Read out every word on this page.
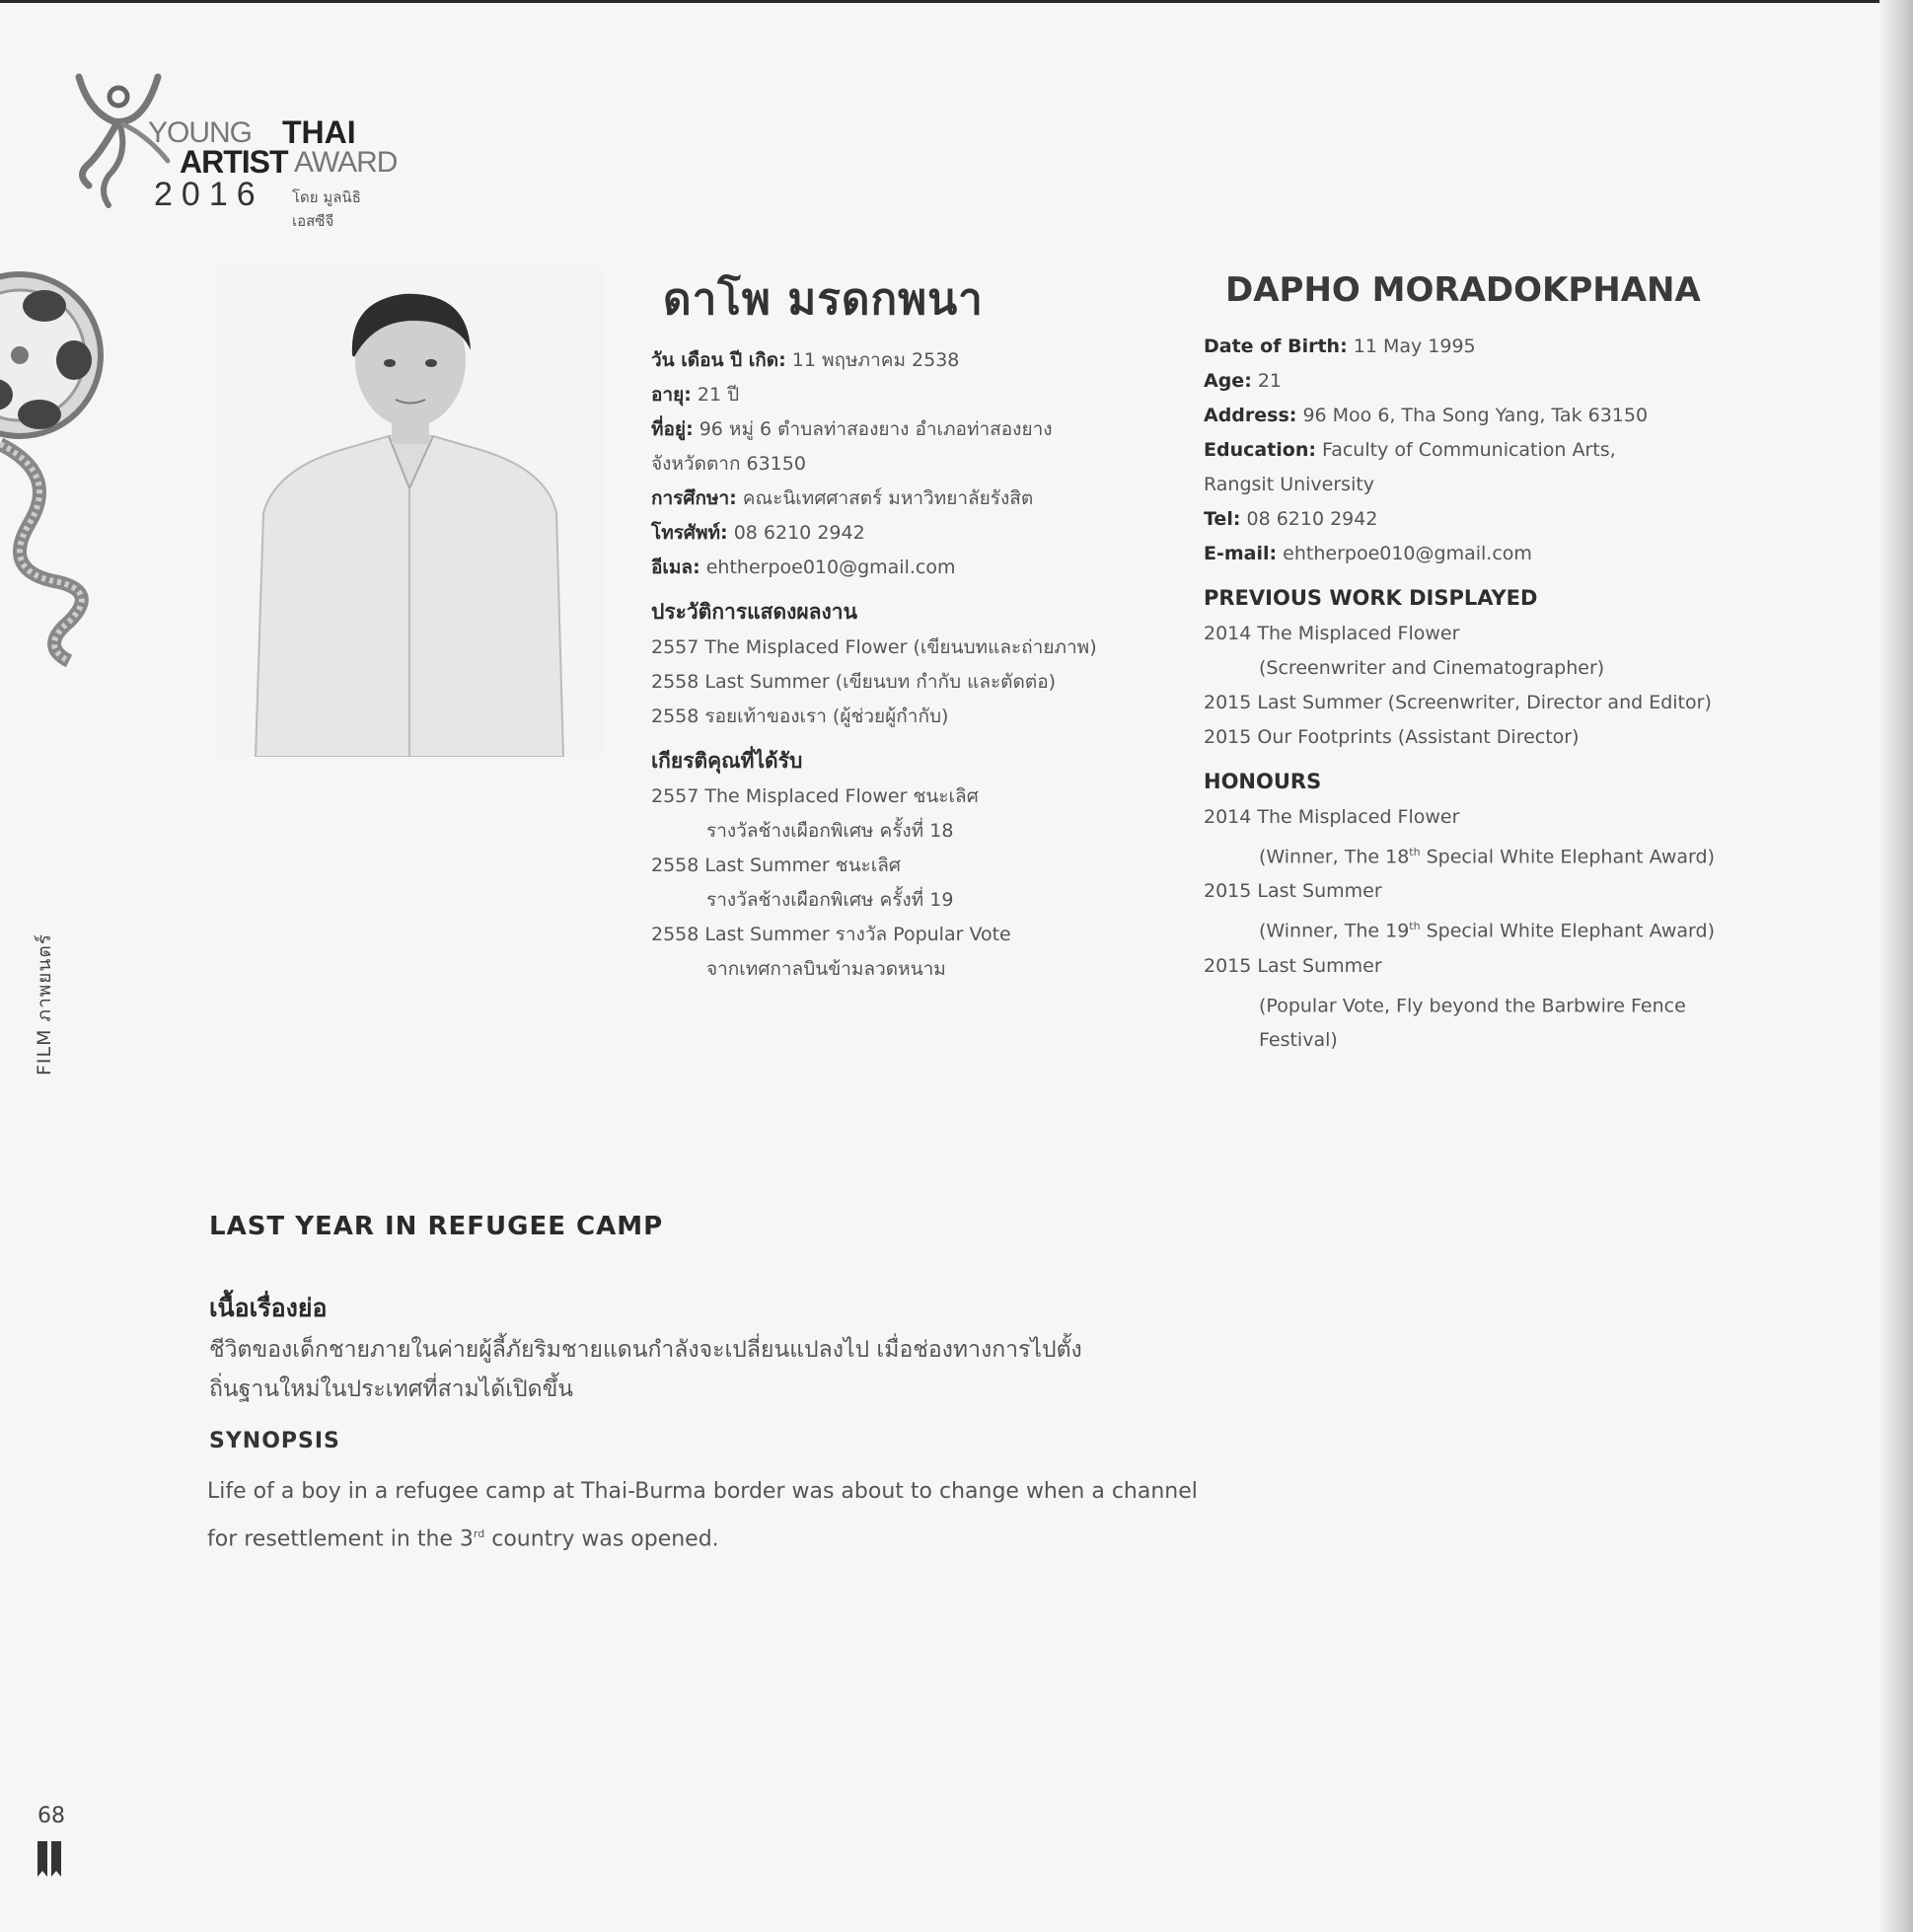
YOUNG THAI
ARTIST AWARD
2016 โดย มูลนิธิเอสซีจี
ดาโพ มรดกพนา
วัน เดือน ปี เกิด: 11 พฤษภาคม 2538
อายุ: 21 ปี
ที่อยู่: 96 หมู่ 6 ตำบลท่าสองยาง อำเภอท่าสองยาง
จังหวัดตาก 63150
การศึกษา: คณะนิเทศศาสตร์ มหาวิทยาลัยรังสิต
โทรศัพท์: 08 6210 2942
อีเมล: ehtherpoe010@gmail.com
ประวัติการแสดงผลงาน
2557 The Misplaced Flower (เขียนบทและถ่ายภาพ)
2558 Last Summer (เขียนบท กำกับ และตัดต่อ)
2558 รอยเท้าของเรา (ผู้ช่วยผู้กำกับ)
เกียรติคุณที่ได้รับ
2557 The Misplaced Flower ชนะเลิศ
รางวัลช้างเผือกพิเศษ ครั้งที่ 18
2558 Last Summer ชนะเลิศ
รางวัลช้างเผือกพิเศษ ครั้งที่ 19
2558 Last Summer รางวัล Popular Vote
จากเทศกาลบินข้ามลวดหนาม
DAPHO MORADOKPHANA
Date of Birth: 11 May 1995
Age: 21
Address: 96 Moo 6, Tha Song Yang, Tak 63150
Education: Faculty of Communication Arts,
Rangsit University
Tel: 08 6210 2942
E-mail: ehtherpoe010@gmail.com
PREVIOUS WORK DISPLAYED
2014 The Misplaced Flower
(Screenwriter and Cinematographer)
2015 Last Summer (Screenwriter, Director and Editor)
2015 Our Footprints (Assistant Director)
HONOURS
2014 The Misplaced Flower
(Winner, The 18th Special White Elephant Award)
2015 Last Summer
(Winner, The 19th Special White Elephant Award)
2015 Last Summer
(Popular Vote, Fly beyond the Barbwire Fence
Festival)
FILM ภาพยนตร์
LAST YEAR IN REFUGEE CAMP
เนื้อเรื่องย่อ
ชีวิตของเด็กชายภายในค่ายผู้ลี้ภัยริมชายแดนกำลังจะเปลี่ยนแปลงไป เมื่อช่องทางการไปตั้ง
ถิ่นฐานใหม่ในประเทศที่สามได้เปิดขึ้น
SYNOPSIS
Life of a boy in a refugee camp at Thai-Burma border was about to change when a channel
for resettlement in the 3rd country was opened.
68
